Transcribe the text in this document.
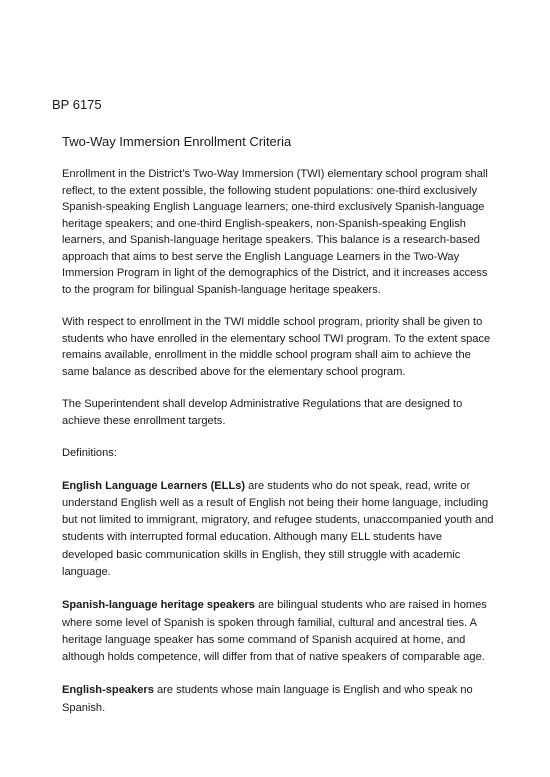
BP 6175
Two-Way Immersion Enrollment Criteria

Enrollment in the District’s Two-Way Immersion (TWI) elementary school program shall reflect, to the extent possible, the following student populations: one-third exclusively Spanish-speaking English Language learners; one-third exclusively Spanish-language heritage speakers; and one-third English-speakers, non-Spanish-speaking English learners, and Spanish-language heritage speakers. This balance is a research-based approach that aims to best serve the English Language Learners in the Two-Way Immersion Program in light of the demographics of the District, and it increases access to the program for bilingual Spanish-language heritage speakers.

With respect to enrollment in the TWI middle school program, priority shall be given to students who have enrolled in the elementary school TWI program. To the extent space remains available, enrollment in the middle school program shall aim to achieve the same balance as described above for the elementary school program.

The Superintendent shall develop Administrative Regulations that are designed to achieve these enrollment targets.

Definitions:

English Language Learners (ELLs) are students who do not speak, read, write or understand English well as a result of English not being their home language, including but not limited to immigrant, migratory, and refugee students, unaccompanied youth and students with interrupted formal education. Although many ELL students have developed basic communication skills in English, they still struggle with academic language.

Spanish-language heritage speakers are bilingual students who are raised in homes where some level of Spanish is spoken through familial, cultural and ancestral ties. A heritage language speaker has some command of Spanish acquired at home, and although holds competence, will differ from that of native speakers of comparable age.

English-speakers are students whose main language is English and who speak no Spanish.
